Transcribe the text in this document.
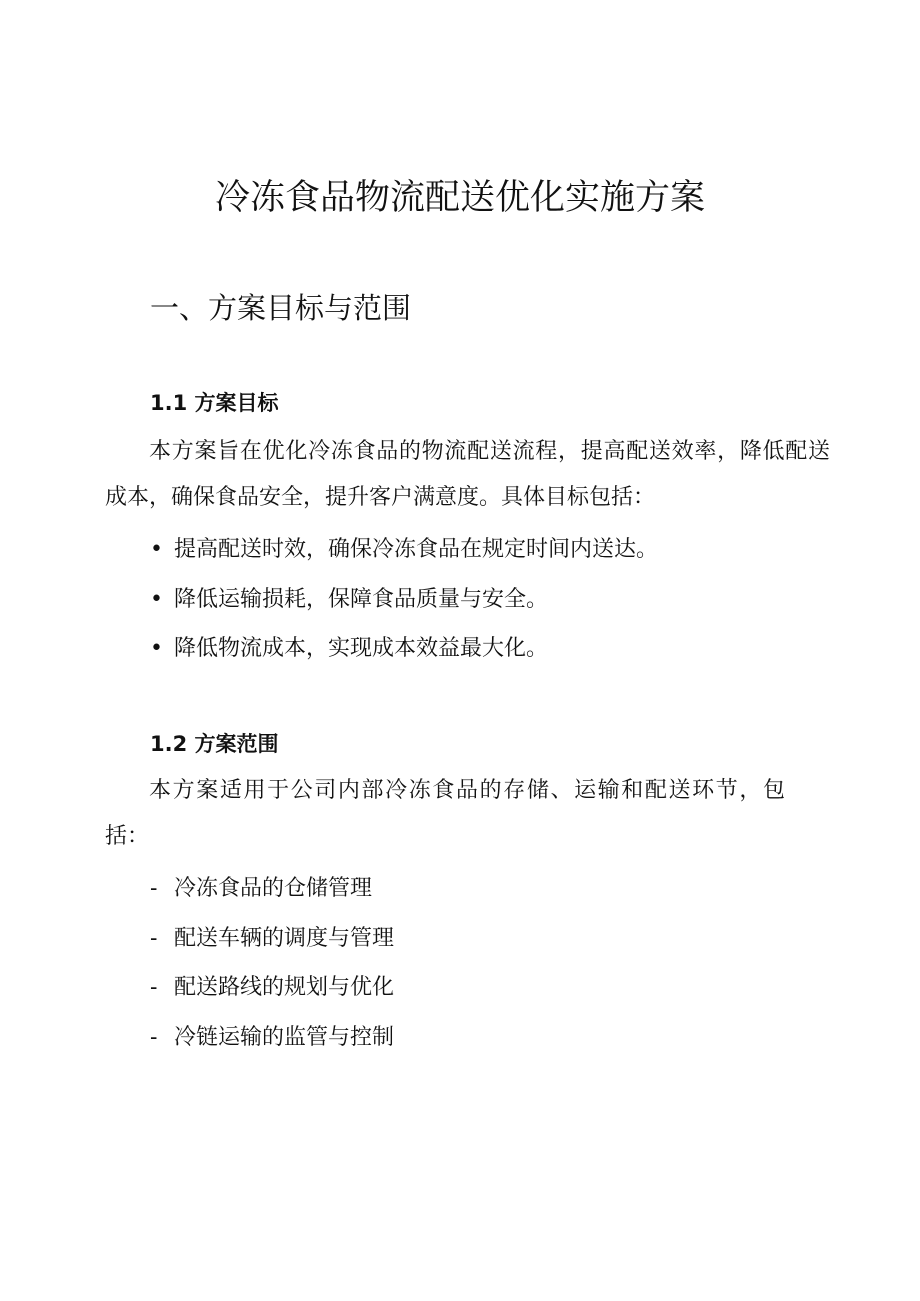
冷冻食品物流配送优化实施方案
一、方案目标与范围
1.1 方案目标

本方案旨在优化冷冻食品的物流配送流程，提高配送效率，降低配送成本，确保食品安全，提升客户满意度。具体目标包括：

• 提高配送时效，确保冷冻食品在规定时间内送达。
• 降低运输损耗，保障食品质量与安全。
• 降低物流成本，实现成本效益最大化。
1.2 方案范围

本方案适用于公司内部冷冻食品的存储、运输和配送环节，包括：

- 冷冻食品的仓储管理
- 配送车辆的调度与管理
- 配送路线的规划与优化
- 冷链运输的监管与控制
